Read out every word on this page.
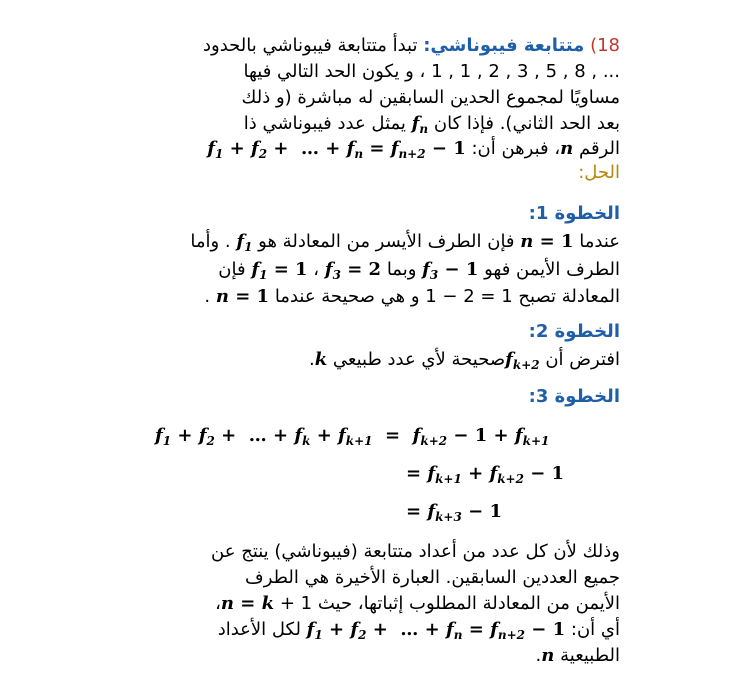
18) متتابعة فيبوناشي: تبدأ متتابعة فيبوناشي بالحدود
... , 8 , 5 , 3 , 2 , 1 , 1 ، و يكون الحد التالي فيها
مساويًا لمجموع الحدين السابقين له مباشرة (و ذلك
بعد الحد الثاني). فإذا كان $f_n$ يمثل عدد فيبوناشي ذا
الرقم n، فبرهن أن: $f_1 + f_2$ +  … + $f_n = f_{n+2} - 1$
الحل:
الخطوة 1:
عندما n = 1 فإن الطرف الأيسر من المعادلة هو $f_1$ . وأما
الطرف الأيمن فهو $f_3 - 1$ وبما $f_3 = 2$ ، $f_1 = 1$ فإن
المعادلة تصبح 1 = 2 − 1 و هي صحيحة عندما n = 1 .
الخطوة 2:
افترض أن $f_{k+2}صحيحة$ لأي عدد طبيعي k.
الخطوة 3:
$f_1 + f_2$ +  … + $f_k + f_{k+1} = f_{k+2} - 1 + f_{k+1}$
= $f_{k+1} + f_{k+2} - 1$
= $f_{k+3} - 1$
وذلك لأن كل عدد من أعداد متتابعة (فيبوناشي) ينتج عن
جميع العددين السابقين. العبارة الأخيرة هي الطرف
الأيمن من المعادلة المطلوب إثباتها، حيث 1 + n = k،
أي أن: $f_1 + f_2$ +  … + $f_n = f_{n+2} - 1$ لكل الأعداد
الطبيعية n.
